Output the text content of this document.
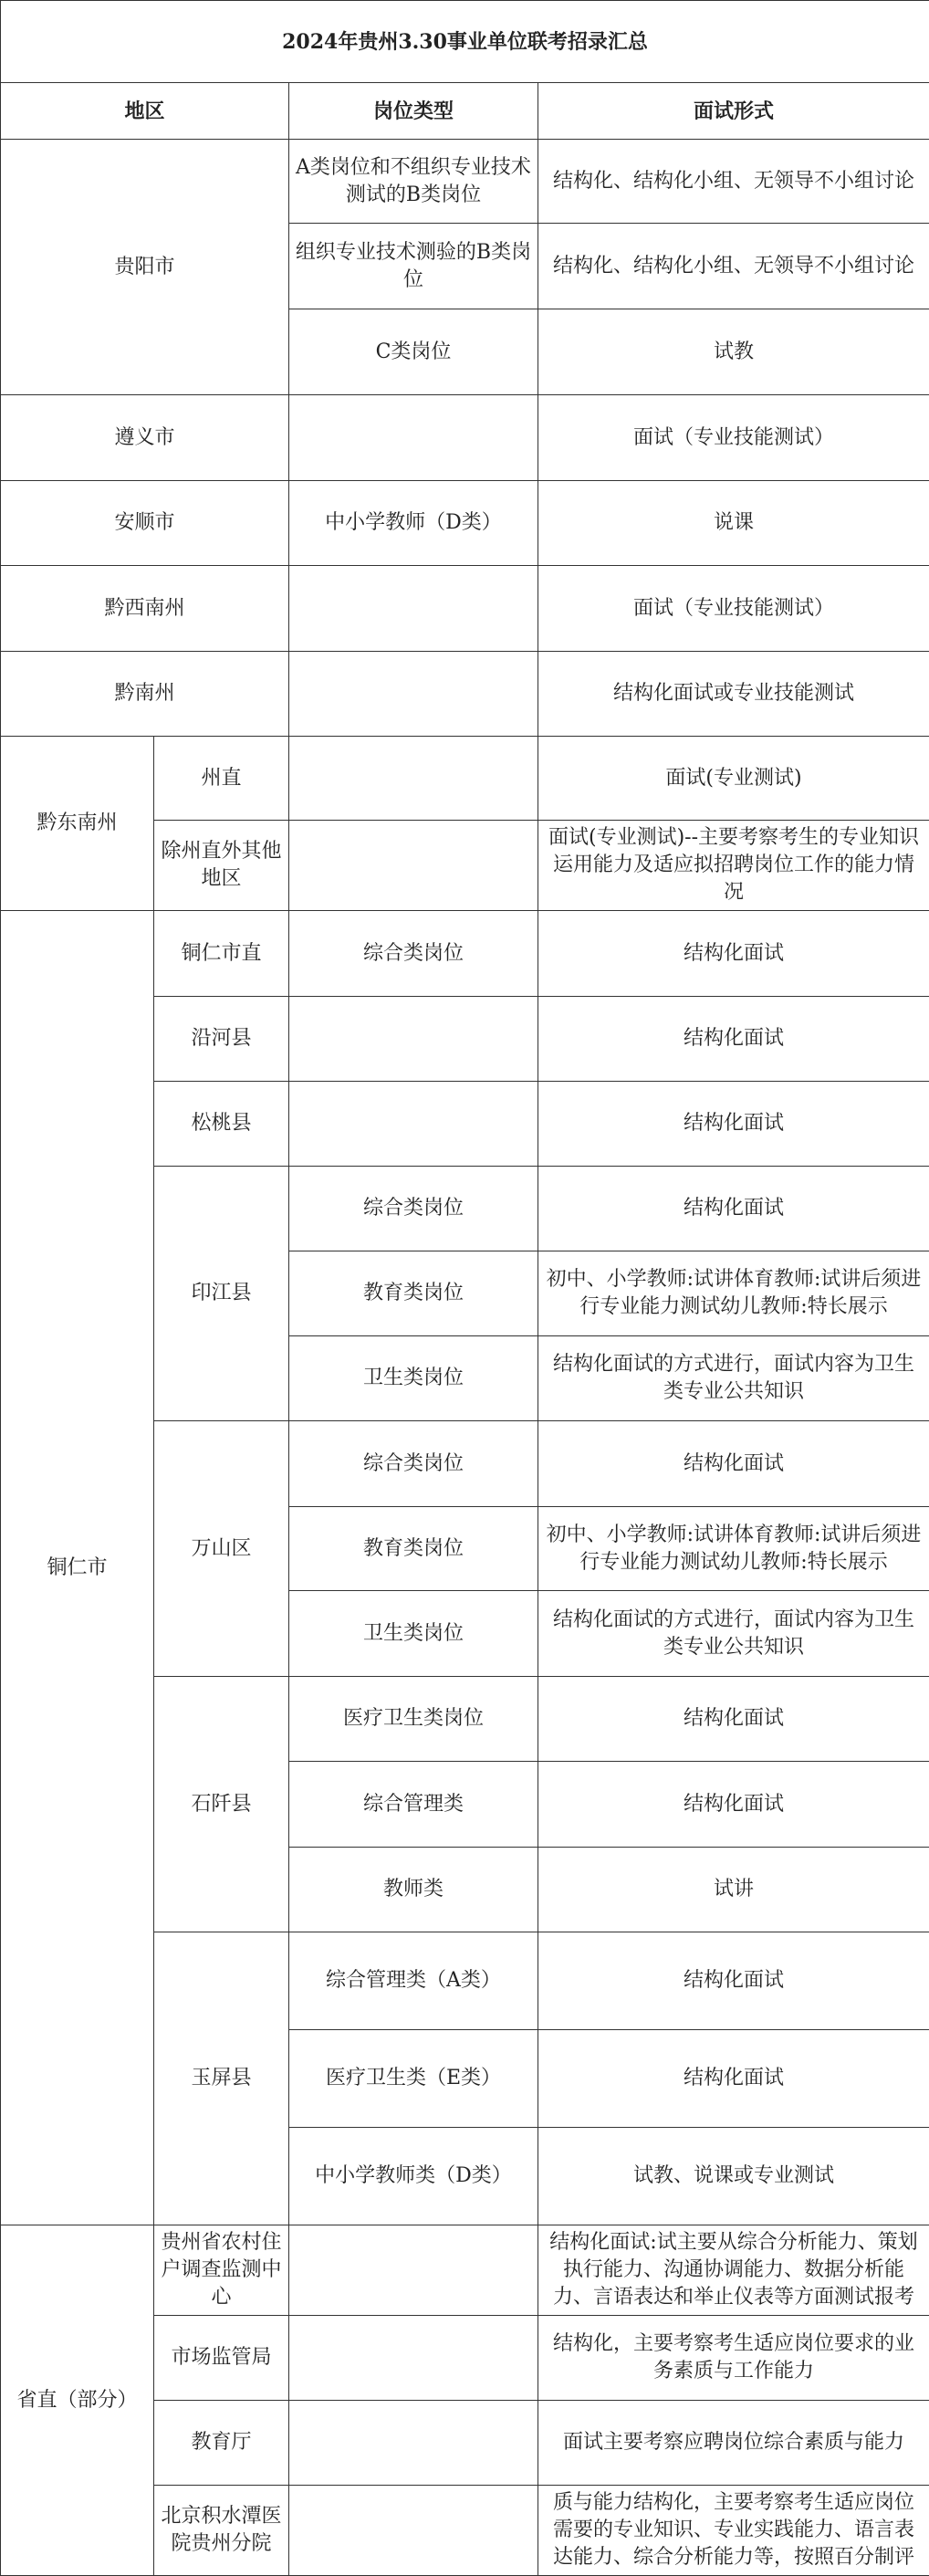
2024年贵州3.30事业单位联考招录汇总			
地区		岗位类型	面试形式
贵阳市		A类岗位和不组织专业技术测试的B类岗位	结构化、结构化小组、无领导不小组讨论
		组织专业技术测验的B类岗位	结构化、结构化小组、无领导不小组讨论
		C类岗位	试教
遵义市			面试（专业技能测试）
安顺市		中小学教师（D类）	说课
黔西南州			面试（专业技能测试）
黔南州			结构化面试或专业技能测试
黔东南州	州直		面试(专业测试)
	除州直外其他地区		面试(专业测试)--主要考察考生的专业知识运用能力及适应拟招聘岗位工作的能力情况
铜仁市	铜仁市直	综合类岗位	结构化面试
	沿河县		结构化面试
	松桃县		结构化面试
	印江县	综合类岗位	结构化面试
		教育类岗位	初中、小学教师:试讲体育教师:试讲后须进行专业能力测试幼儿教师:特长展示
		卫生类岗位	结构化面试的方式进行，面试内容为卫生类专业公共知识
	万山区	综合类岗位	结构化面试
		教育类岗位	初中、小学教师:试讲体育教师:试讲后须进行专业能力测试幼儿教师:特长展示
		卫生类岗位	结构化面试的方式进行，面试内容为卫生类专业公共知识
	石阡县	医疗卫生类岗位	结构化面试
		综合管理类	结构化面试
		教师类	试讲
	玉屏县	综合管理类（A类）	结构化面试
		医疗卫生类（E类）	结构化面试
		中小学教师类（D类）	试教、说课或专业测试
省直（部分）	贵州省农村住户调查监测中心		结构化面试:试主要从综合分析能力、策划执行能力、沟通协调能力、数据分析能力、言语表达和举止仪表等方面测试报考
	市场监管局		结构化，主要考察考生适应岗位要求的业务素质与工作能力
	教育厅		面试主要考察应聘岗位综合素质与能力
	北京积水潭医院贵州分院		质与能力结构化，主要考察考生适应岗位需要的专业知识、专业实践能力、语言表达能力、综合分析能力等，按照百分制评
